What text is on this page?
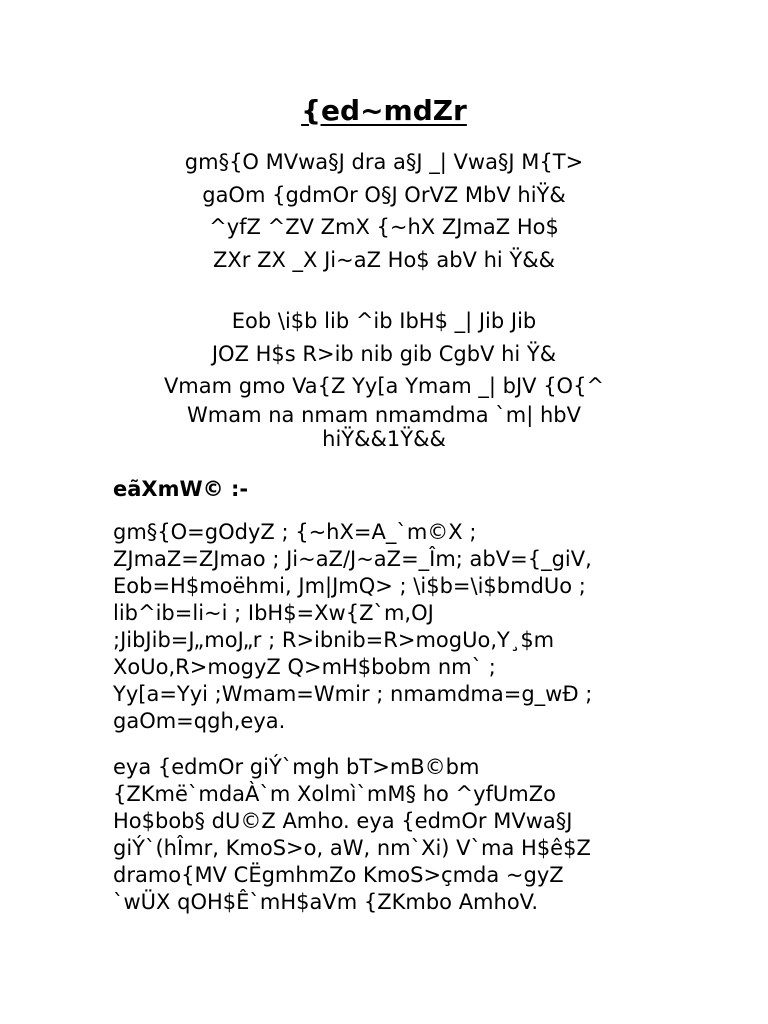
{ed~mdZr
gm§{O MVwa§J dra a§J _| Vwa§J M{T>
gaOm {gdmOr O§J OrVZ MbV hiŸ&
^yfZ ^ZV ZmX {~hX ZJmaZ Ho$
ZXr ZX _X Ji~aZ Ho$ abV hi Ÿ&&
Eob \i$b lib ^ib IbH$ _| Jib Jib
JOZ H$s R>ib nib gib CgbV hi Ÿ&
Vmam gmo Va{Z Yy[a Ymam _| bJV {O{^
Wmam na nmam nmamdma `m| hbV
hiŸ&&1Ÿ&&
eãXmW© :-
gm§{O=gOdyZ ; {~hX=A_`m©X ;
ZJmaZ=ZJmao ; Ji~aZ/J~aZ=_Îm; abV={_giV,
Eob=H$moëhmi, Jm|JmQ> ; \i$b=\i$bmdUo ;
lib^ib=li~i ; IbH$=Xw{Z`m,OJ
;JibJib=J„moJ„r ; R>ibnib=R>mogUo,Y¸$m
XoUo,R>mogyZ Q>mH$bobm nm` ;
Yy[a=Yyi ;Wmam=Wmir ; nmamdma=g_wÐ ;
gaOm=qgh,eya.
eya {edmOr giÝ`mgh bT>mB©bm
{ZKmë`mdaÀ`m Xolmì`mM§ ho ^yfUmZo
Ho$bob§ dU©Z Amho. eya {edmOr MVwa§J
giÝ`(hÎmr, KmoS>o, aW, nm`Xi) V`ma H$ê$Z
dramo{MV CËgmhmZo KmoS>çmda ~gyZ
`wÜX qOH$Ê`mH$aVm {ZKmbo AmhoV.
